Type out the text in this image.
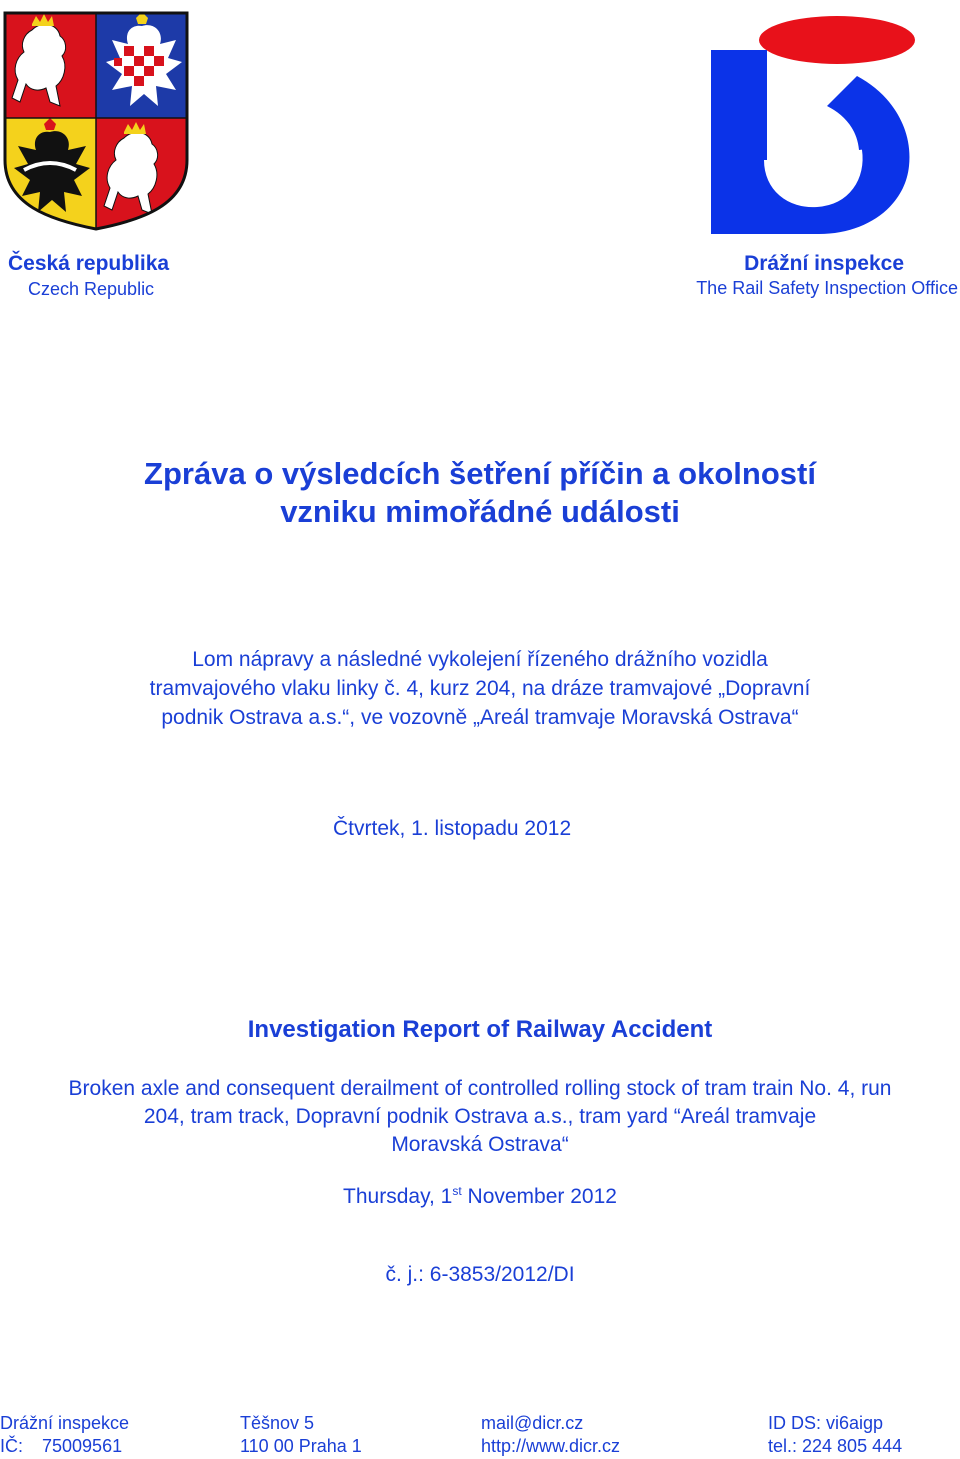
Česká republika
Czech Republic
Drážní inspekce
The Rail Safety Inspection Office
Zpráva o výsledcích šetření příčin a okolností
vzniku mimořádné události
Lom nápravy a následné vykolejení řízeného drážního vozidla
tramvajového vlaku linky č. 4, kurz 204, na dráze tramvajové „Dopravní
podnik Ostrava a.s.“, ve vozovně „Areál tramvaje Moravská Ostrava“
Čtvrtek, 1. listopadu 2012
Investigation Report of Railway Accident
Broken axle and consequent derailment of controlled rolling stock of tram train No. 4, run
204, tram track, Dopravní podnik Ostrava a.s., tram yard “Areál tramvaje
Moravská Ostrava“
Thursday, 1st November 2012
č. j.: 6-3853/2012/DI
Drážní inspekce
IČ: 75009561
Těšnov 5
110 00 Praha 1
mail@dicr.cz
http://www.dicr.cz
ID DS: vi6aigp
tel.: 224 805 444
